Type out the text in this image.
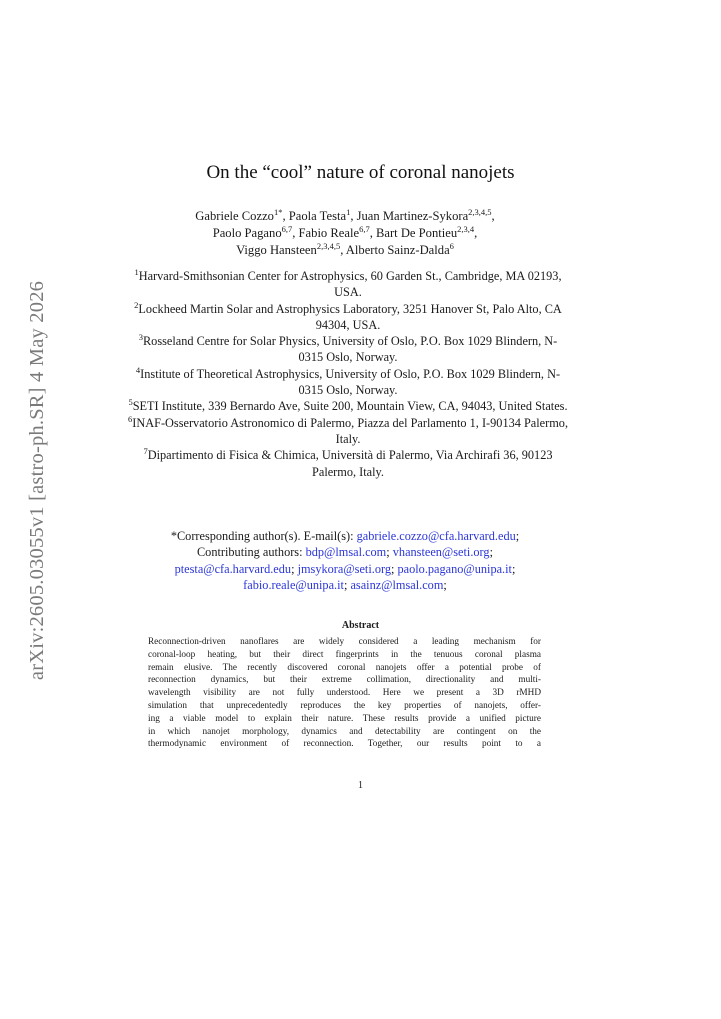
arXiv:2605.03055v1 [astro-ph.SR] 4 May 2026
On the “cool” nature of coronal nanojets
Gabriele Cozzo$^{1*}$, Paola Testa$^1$, Juan Martinez-Sykora$^{2,3,4,5}$,
Paolo Pagano$^{6,7}$, Fabio Reale$^{6,7}$, Bart De Pontieu$^{2,3,4}$,
Viggo Hansteen$^{2,3,4,5}$, Alberto Sainz-Dalda$^6$
$^1$Harvard-Smithsonian Center for Astrophysics, 60 Garden St., Cambridge, MA 02193, USA.
$^2$Lockheed Martin Solar and Astrophysics Laboratory, 3251 Hanover St, Palo Alto, CA 94304, USA.
$^3$Rosseland Centre for Solar Physics, University of Oslo, P.O. Box 1029 Blindern, N-0315 Oslo, Norway.
$^4$Institute of Theoretical Astrophysics, University of Oslo, P.O. Box 1029 Blindern, N-0315 Oslo, Norway.
$^5$SETI Institute, 339 Bernardo Ave, Suite 200, Mountain View, CA, 94043, United States.
$^6$INAF-Osservatorio Astronomico di Palermo, Piazza del Parlamento 1, I-90134 Palermo, Italy.
$^7$Dipartimento di Fisica & Chimica, Università di Palermo, Via Archirafi 36, 90123 Palermo, Italy.
*Corresponding author(s). E-mail(s): gabriele.cozzo@cfa.harvard.edu;
Contributing authors: bdp@lmsal.com; vhansteen@seti.org;
ptesta@cfa.harvard.edu; jmsykora@seti.org; paolo.pagano@unipa.it;
fabio.reale@unipa.it; asainz@lmsal.com;
Abstract
Reconnection-driven nanoflares are widely considered a leading mechanism for
coronal-loop heating, but their direct fingerprints in the tenuous coronal plasma
remain elusive. The recently discovered coronal nanojets offer a potential probe of
reconnection dynamics, but their extreme collimation, directionality and multi-
wavelength visibility are not fully understood. Here we present a 3D rMHD
simulation that unprecedentedly reproduces the key properties of nanojets, offer-
ing a viable model to explain their nature. These results provide a unified picture
in which nanojet morphology, dynamics and detectability are contingent on the
thermodynamic environment of reconnection. Together, our results point to a
1
